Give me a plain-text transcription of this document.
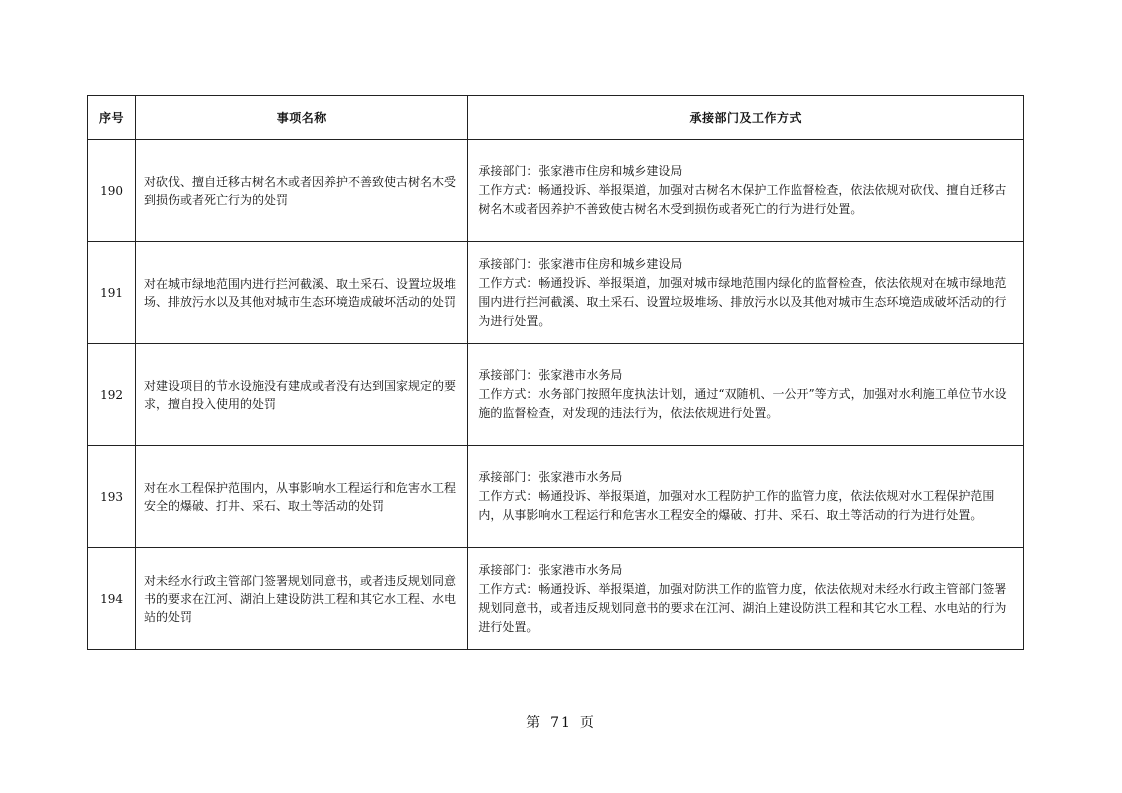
序号	事项名称	承接部门及工作方式
190	对砍伐、擅自迁移古树名木或者因养护不善致使古树名木受到损伤或者死亡行为的处罚	承接部门：张家港市住房和城乡建设局
工作方式：畅通投诉、举报渠道，加强对古树名木保护工作监督检查，依法依规对砍伐、擅自迁移古树名木或者因养护不善致使古树名木受到损伤或者死亡的行为进行处置。

191	对在城市绿地范围内进行拦河截溪、取土采石、设置垃圾堆场、排放污水以及其他对城市生态环境造成破坏活动的处罚	承接部门：张家港市住房和城乡建设局
工作方式：畅通投诉、举报渠道，加强对城市绿地范围内绿化的监督检查，依法依规对在城市绿地范围内进行拦河截溪、取土采石、设置垃圾堆场、排放污水以及其他对城市生态环境造成破坏活动的行为进行处置。

192	对建设项目的节水设施没有建成或者没有达到国家规定的要求，擅自投入使用的处罚	承接部门：张家港市水务局
工作方式：水务部门按照年度执法计划，通过“双随机、一公开”等方式，加强对水利施工单位节水设施的监督检查，对发现的违法行为，依法依规进行处置。

193	对在水工程保护范围内，从事影响水工程运行和危害水工程安全的爆破、打井、采石、取土等活动的处罚	承接部门：张家港市水务局
工作方式：畅通投诉、举报渠道，加强对水工程防护工作的监管力度，依法依规对水工程保护范围内，从事影响水工程运行和危害水工程安全的爆破、打井、采石、取土等活动的行为进行处置。

194	对未经水行政主管部门签署规划同意书，或者违反规划同意书的要求在江河、湖泊上建设防洪工程和其它水工程、水电站的处罚	承接部门：张家港市水务局
工作方式：畅通投诉、举报渠道，加强对防洪工作的监管力度，依法依规对未经水行政主管部门签署规划同意书，或者违反规划同意书的要求在江河、湖泊上建设防洪工程和其它水工程、水电站的行为进行处置。
第 71 页
